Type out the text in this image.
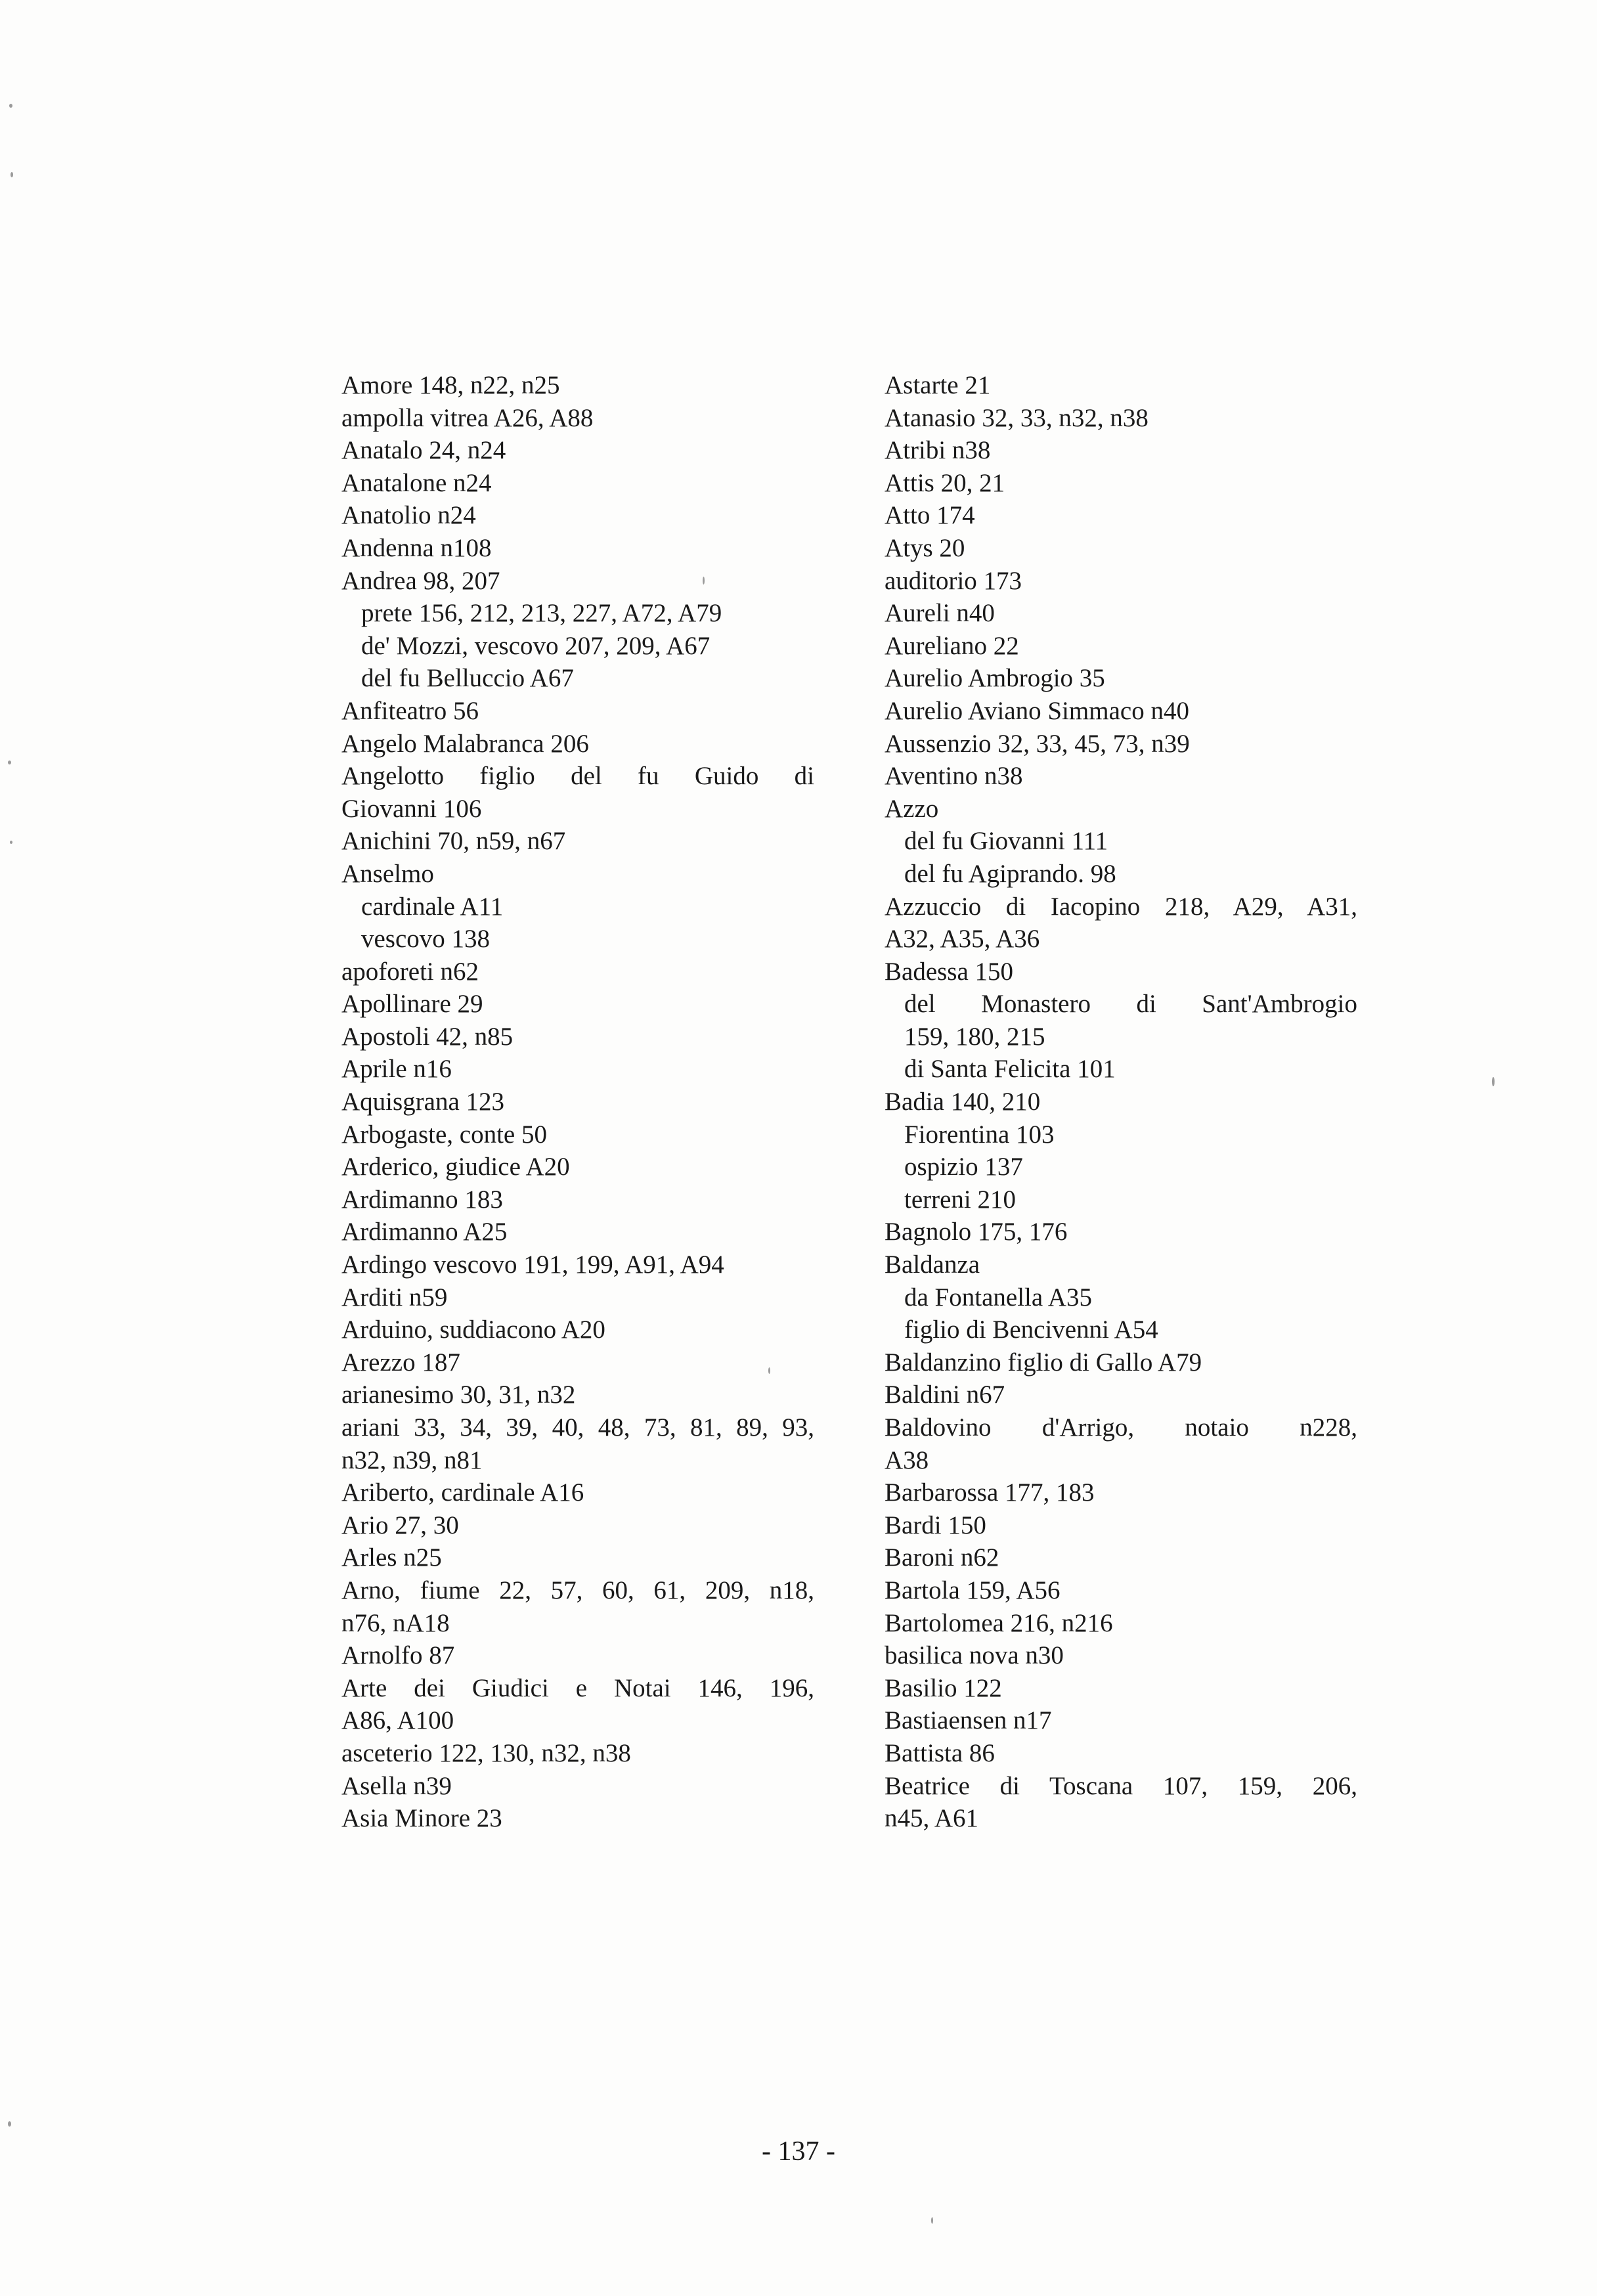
Amore 148, n22, n25

ampolla vitrea A26, A88

Anatalo 24, n24

Anatalone n24

Anatolio n24

Andenna n108

Andrea 98, 207

prete 156, 212, 213, 227, A72, A79

de' Mozzi, vescovo 207, 209, A67

del fu Belluccio A67

Anfiteatro 56

Angelo Malabranca 206

Angelotto figlio del fu Guido di
Giovanni 106

Anichini 70, n59, n67

Anselmo

cardinale A11

vescovo 138

apoforeti n62

Apollinare 29

Apostoli 42, n85

Aprile n16

Aquisgrana 123

Arbogaste, conte 50

Arderico, giudice A20

Ardimanno 183

Ardimanno A25

Ardingo vescovo 191, 199, A91, A94

Arditi n59

Arduino, suddiacono A20

Arezzo 187

arianesimo 30, 31, n32

ariani 33, 34, 39, 40, 48, 73, 81, 89, 93,
n32, n39, n81

Ariberto, cardinale A16

Ario 27, 30

Arles n25

Arno, fiume 22, 57, 60, 61, 209, n18,
n76, nA18

Arnolfo 87

Arte dei Giudici e Notai 146, 196,
A86, A100

asceterio 122, 130, n32, n38

Asella n39

Asia Minore 23

Astarte 21

Atanasio 32, 33, n32, n38

Atribi n38

Attis 20, 21

Atto 174

Atys 20

auditorio 173

Aureli n40

Aureliano 22

Aurelio Ambrogio 35

Aurelio Aviano Simmaco n40

Aussenzio 32, 33, 45, 73, n39

Aventino n38

Azzo

del fu Giovanni 111

del fu Agiprando. 98

Azzuccio di Iacopino 218, A29, A31,
A32, A35, A36

Badessa 150

del Monastero di Sant'Ambrogio
159, 180, 215

di Santa Felicita 101

Badia 140, 210

Fiorentina 103

ospizio 137

terreni 210

Bagnolo 175, 176

Baldanza

da Fontanella A35

figlio di Bencivenni A54

Baldanzino figlio di Gallo A79

Baldini n67

Baldovino d'Arrigo, notaio n228,
A38

Barbarossa 177, 183

Bardi 150

Baroni n62

Bartola 159, A56

Bartolomea 216, n216

basilica nova n30

Basilio 122

Bastiaensen n17

Battista 86

Beatrice di Toscana 107, 159, 206,
n45, A61

- 137 -
